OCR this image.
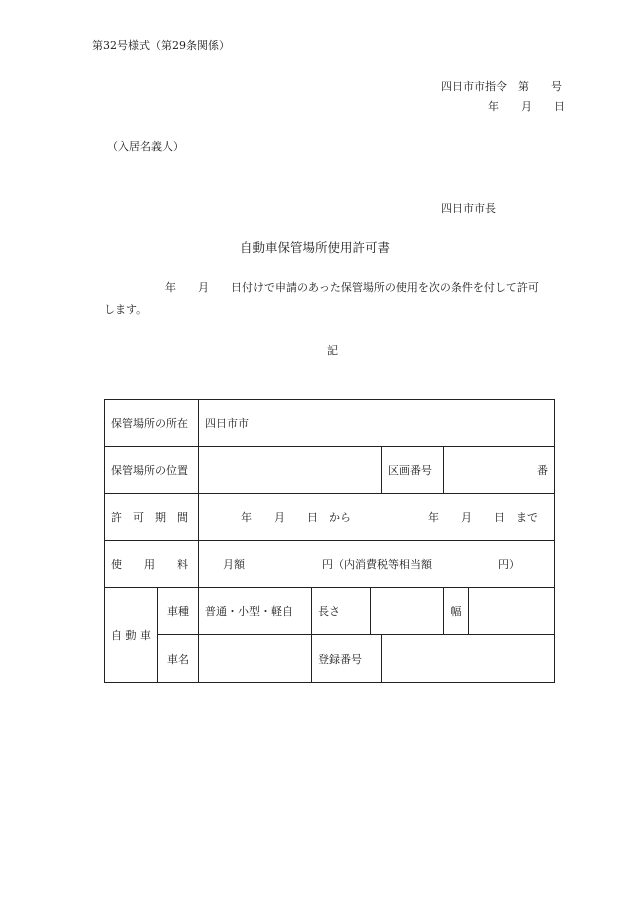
第32号様式（第29条関係）
四日市市指令　第　　号
年　　月　　日
（入居名義人）
四日市市長
自動車保管場所使用許可書
年　　月　　日付けで申請のあった保管場所の使用を次の条件を付して許可
します。
記
保管場所の所在		四日市市					
保管場所の位置					区画番号	番	
許　可　期　間		年　　月　　日　から　　　　　　　年　　月　　日　まで					
使　　用　　料		月額　　　　　　　円（内消費税等相当額　　　　　　円）					
自 動 車	車種	普通・小型・軽自	長さ			幅	
	車名		登録番号				
